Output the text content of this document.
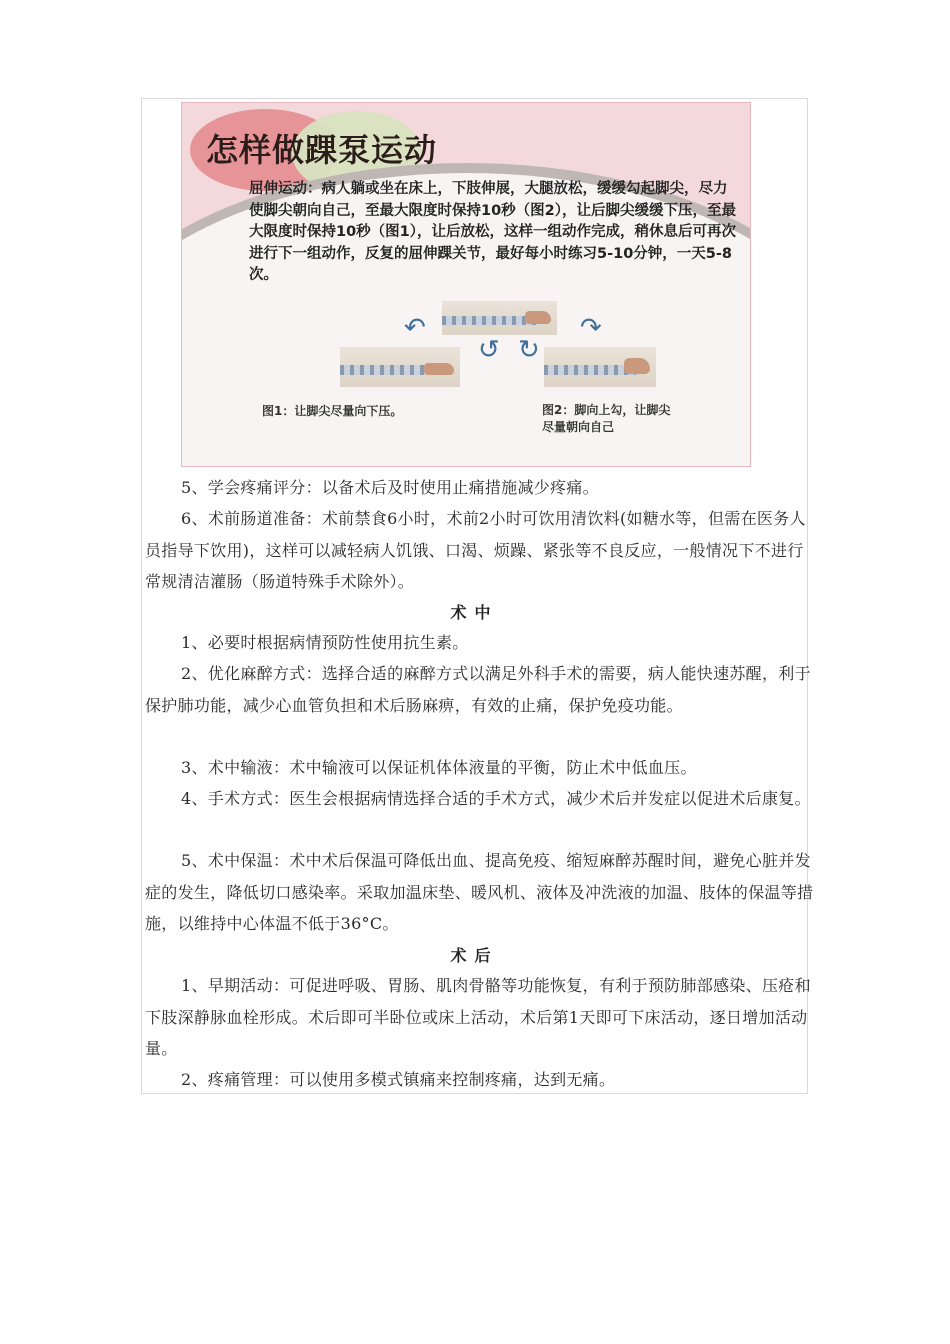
怎样做踝泵运动
屈伸运动：病人躺或坐在床上，下肢伸展，大腿放松，缓缓勾起脚尖，尽力使脚尖朝向自己，至最大限度时保持10秒（图2），让后脚尖缓缓下压，至最大限度时保持10秒（图1），让后放松，这样一组动作完成，稍休息后可再次进行下一组动作，反复的屈伸踝关节，最好每小时练习5-10分钟，一天5-8次。
↶	↷
↺ ↻
图1：让脚尖尽量向下压。	图2：脚向上勾，让脚尖
尽量朝向自己
5、学会疼痛评分：以备术后及时使用止痛措施减少疼痛。
6、术前肠道准备：术前禁食6小时，术前2小时可饮用清饮料(如糖水等，但需在医务人员指导下饮用)，这样可以减轻病人饥饿、口渴、烦躁、紧张等不良反应，一般情况下不进行常规清洁灌肠（肠道特殊手术除外）。
术中
1、必要时根据病情预防性使用抗生素。
2、优化麻醉方式：选择合适的麻醉方式以满足外科手术的需要，病人能快速苏醒，利于保护肺功能，减少心血管负担和术后肠麻痹，有效的止痛，保护免疫功能。
3、术中输液：术中输液可以保证机体体液量的平衡，防止术中低血压。
4、手术方式：医生会根据病情选择合适的手术方式，减少术后并发症以促进术后康复。
5、术中保温：术中术后保温可降低出血、提高免疫、缩短麻醉苏醒时间，避免心脏并发症的发生，降低切口感染率。采取加温床垫、暖风机、液体及冲洗液的加温、肢体的保温等措施，以维持中心体温不低于36°C。
术后
1、早期活动：可促进呼吸、胃肠、肌肉骨骼等功能恢复，有利于预防肺部感染、压疮和下肢深静脉血栓形成。术后即可半卧位或床上活动，术后第1天即可下床活动，逐日增加活动量。
2、疼痛管理：可以使用多模式镇痛来控制疼痛，达到无痛。
